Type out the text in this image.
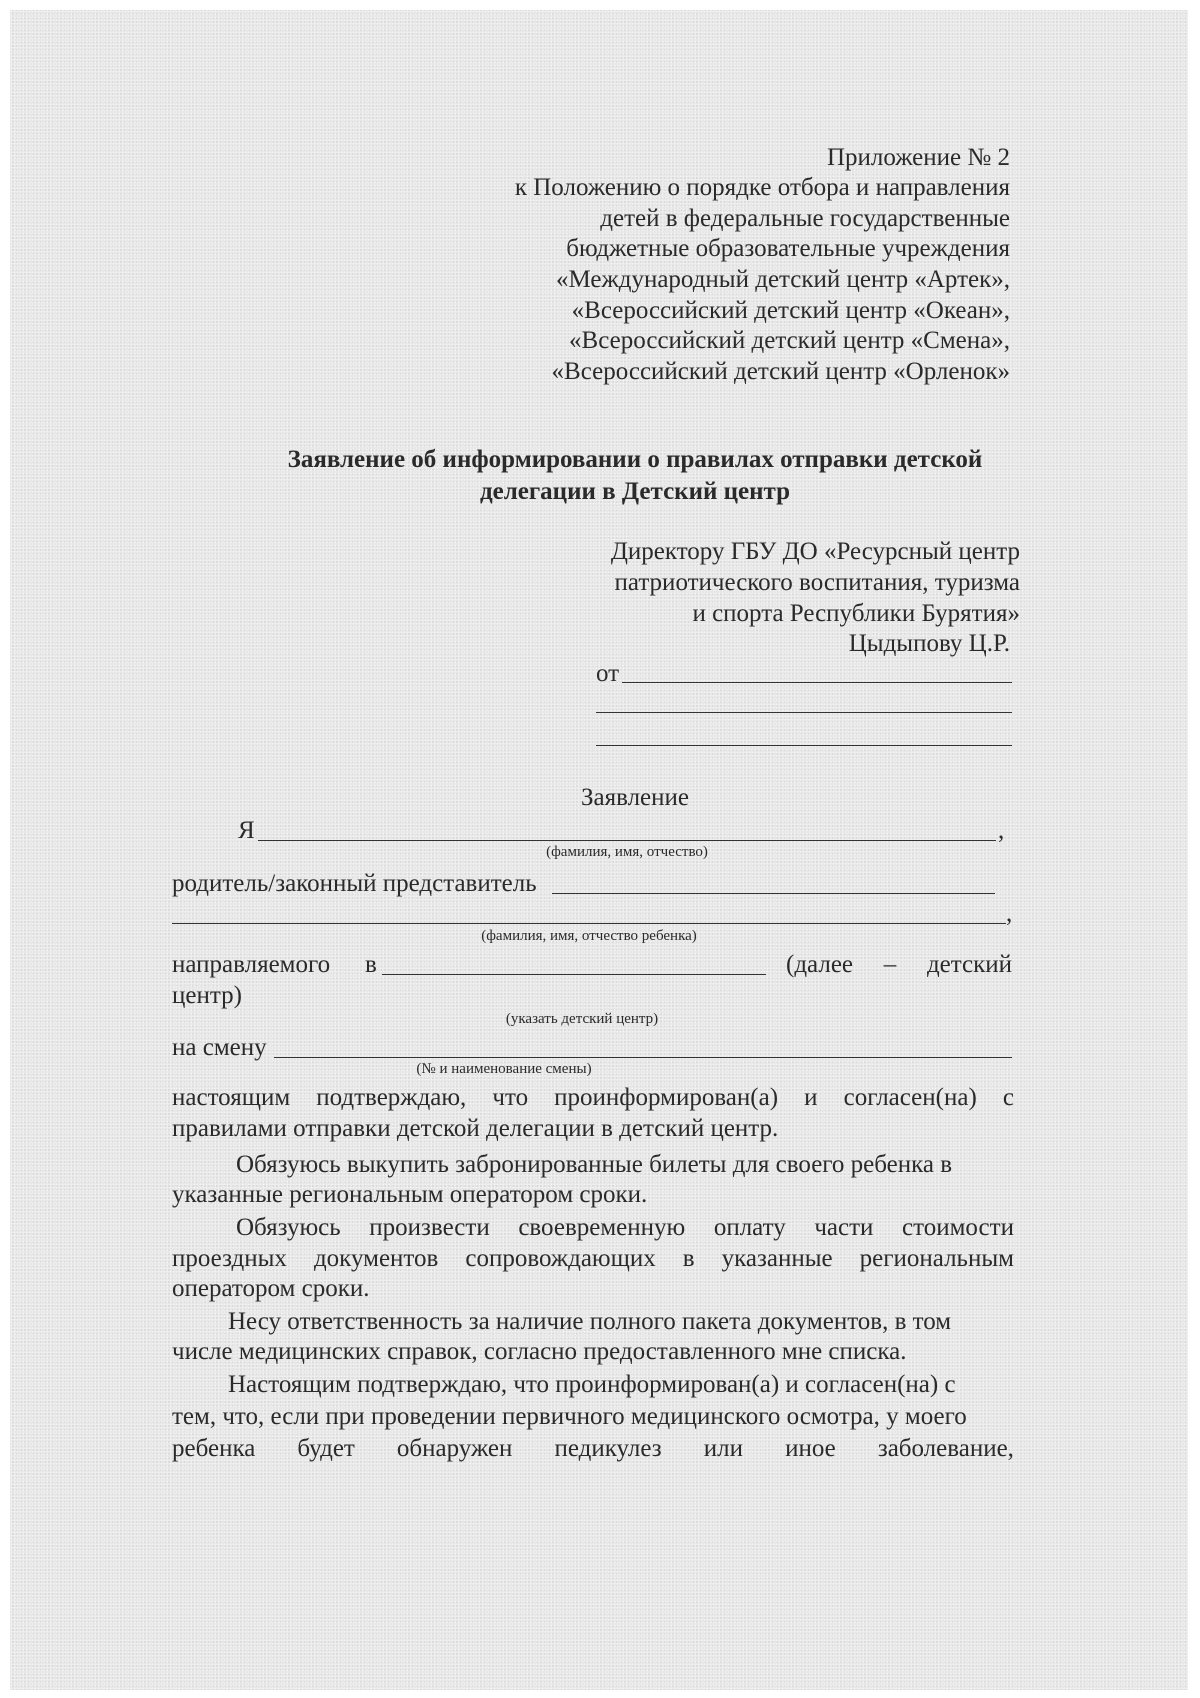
Приложение № 2
к Положению о порядке отбора и направления
детей в федеральные государственные
бюджетные образовательные учреждения
«Международный детский центр «Артек»,
«Всероссийский детский центр «Океан»,
«Всероссийский детский центр «Смена»,
«Всероссийский детский центр «Орленок»
Заявление об информировании о правилах отправки детской
делегации в Детский центр
Директору ГБУ ДО «Ресурсный центр
патриотического воспитания, туризма
и спорта Республики Бурятия»
Цыдыпову Ц.Р.
от
Заявление
Я	,
(фамилия, имя, отчество)
родитель/законный представитель
,
(фамилия, имя, отчество ребенка)
направляемого в	(далее – детский
центр)
(указать детский центр)
на смену
(№ и наименование смены)
настоящим подтверждаю, что проинформирован(а) и согласен(на) с
правилами отправки детской делегации в детский центр.
Обязуюсь выкупить забронированные билеты для своего ребенка в
указанные региональным оператором сроки.
Обязуюсь произвести своевременную оплату части стоимости
проездных документов сопровождающих в указанные региональным
оператором сроки.
Несу ответственность за наличие полного пакета документов, в том
числе медицинских справок, согласно предоставленного мне списка.
Настоящим подтверждаю, что проинформирован(а) и согласен(на) с
тем, что, если при проведении первичного медицинского осмотра, у моего
ребенка будет обнаружен педикулез или иное заболевание,
